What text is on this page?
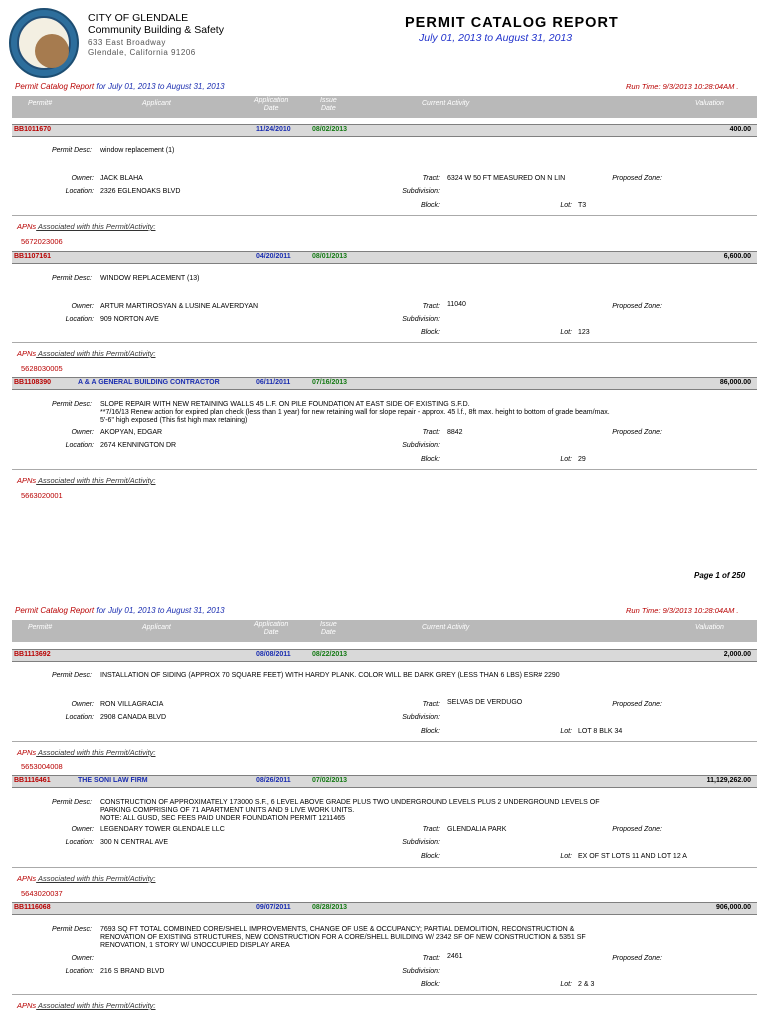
CITY OF GLENDALE
Community Building & Safety
633 East Broadway
Glendale, California 91206
PERMIT CATALOG REPORT
July 01, 2013 to August 31, 2013
Permit Catalog Report for July 01, 2013 to August 31, 2013	Run Time: 9/3/2013 10:28:04AM .
Permit#	Applicant	Application
Date
Issue
Date
Current Activity	Valuation
BB1011670	11/24/2010	08/02/2013	400.00
Permit Desc: window replacement (1)
Owner: JACK BLAHA
Location: 2326 EGLENOAKS BLVD
Tract: 6324 W 50 FT MEASURED ON N LIN
Subdivision:
Block:	Lot: T3
Proposed Zone:
APNs Associated with this Permit/Activity:
5672023006
BB1107161	04/20/2011	08/01/2013	6,600.00
Permit Desc: WINDOW REPLACEMENT (13)
Owner: ARTUR MARTIROSYAN & LUSINE ALAVERDYAN
Location: 909 NORTON AVE
Tract: 11040
Subdivision:
Block:	Lot: 123
Proposed Zone:
APNs Associated with this Permit/Activity:
5628030005
BB1108390	A & A GENERAL BUILDING CONTRACTOR	06/11/2011	07/16/2013	86,000.00
Permit Desc: SLOPE REPAIR WITH NEW RETAINING WALLS 45 L.F. ON PILE FOUNDATION AT EAST SIDE OF EXISTING S.F.D.
**7/16/13 Renew action for expired plan check (less than 1 year) for new retaining wall for slope repair - approx. 45 l.f., 8ft max. height to bottom of grade beam/max.
5'-6" high exposed (This fist high max retaining)
Owner: AKOPYAN, EDGAR
Location: 2674 KENNINGTON DR
Tract: 8842
Subdivision:
Block:	Lot: 29
Proposed Zone:
APNs Associated with this Permit/Activity:
5663020001
Page 1 of 250
Permit Catalog Report for July 01, 2013 to August 31, 2013	Run Time: 9/3/2013 10:28:04AM .
Permit#	Applicant	Application
Date
Issue
Date
Current Activity	Valuation
BB1113692	08/08/2011	08/22/2013	2,000.00
Permit Desc: INSTALLATION OF SIDING (APPROX 70 SQUARE FEET) WITH HARDY PLANK. COLOR WILL BE DARK GREY (LESS THAN 6 LBS) ESR# 2290
Owner: RON VILLAGRACIA
Location: 2908 CANADA BLVD
Tract: SELVAS DE VERDUGO
Subdivision:
Block:	Lot: LOT 8 BLK 34
Proposed Zone:
APNs Associated with this Permit/Activity:
5653004008
BB1116461	THE SONI LAW FIRM	08/26/2011	07/02/2013	11,129,262.00
Permit Desc: CONSTRUCTION OF APPROXIMATELY 173000 S.F., 6 LEVEL ABOVE GRADE PLUS TWO UNDERGROUND LEVELS PLUS 2 UNDERGROUND LEVELS OF
PARKING COMPRISING OF 71 APARTMENT UNITS AND 9 LIVE WORK UNITS.
NOTE: ALL GUSD, SEC FEES PAID UNDER FOUNDATION PERMIT 1211465
Owner: LEGENDARY TOWER GLENDALE LLC
Location: 300 N CENTRAL AVE
Tract: GLENDALIA PARK
Subdivision:
Block:	Lot: EX OF ST LOTS 11 AND LOT 12 A
Proposed Zone:
APNs Associated with this Permit/Activity:
5643020037
BB1116068	09/07/2011	08/28/2013	906,000.00
Permit Desc: 7693 SQ FT TOTAL COMBINED CORE/SHELL IMPROVEMENTS, CHANGE OF USE & OCCUPANCY; PARTIAL DEMOLITION, RECONSTRUCTION &
RENOVATION OF EXISTING STRUCTURES, NEW CONSTRUCTION FOR A CORE/SHELL BUILDING W/ 2342 SF OF NEW CONSTRUCTION & 5351 SF
RENOVATION, 1 STORY W/ UNOCCUPIED DISPLAY AREA
Owner:
Location: 216 S BRAND BLVD
Tract: 2461
Subdivision:
Block:	Lot: 2 & 3
Proposed Zone:
APNs Associated with this Permit/Activity:
